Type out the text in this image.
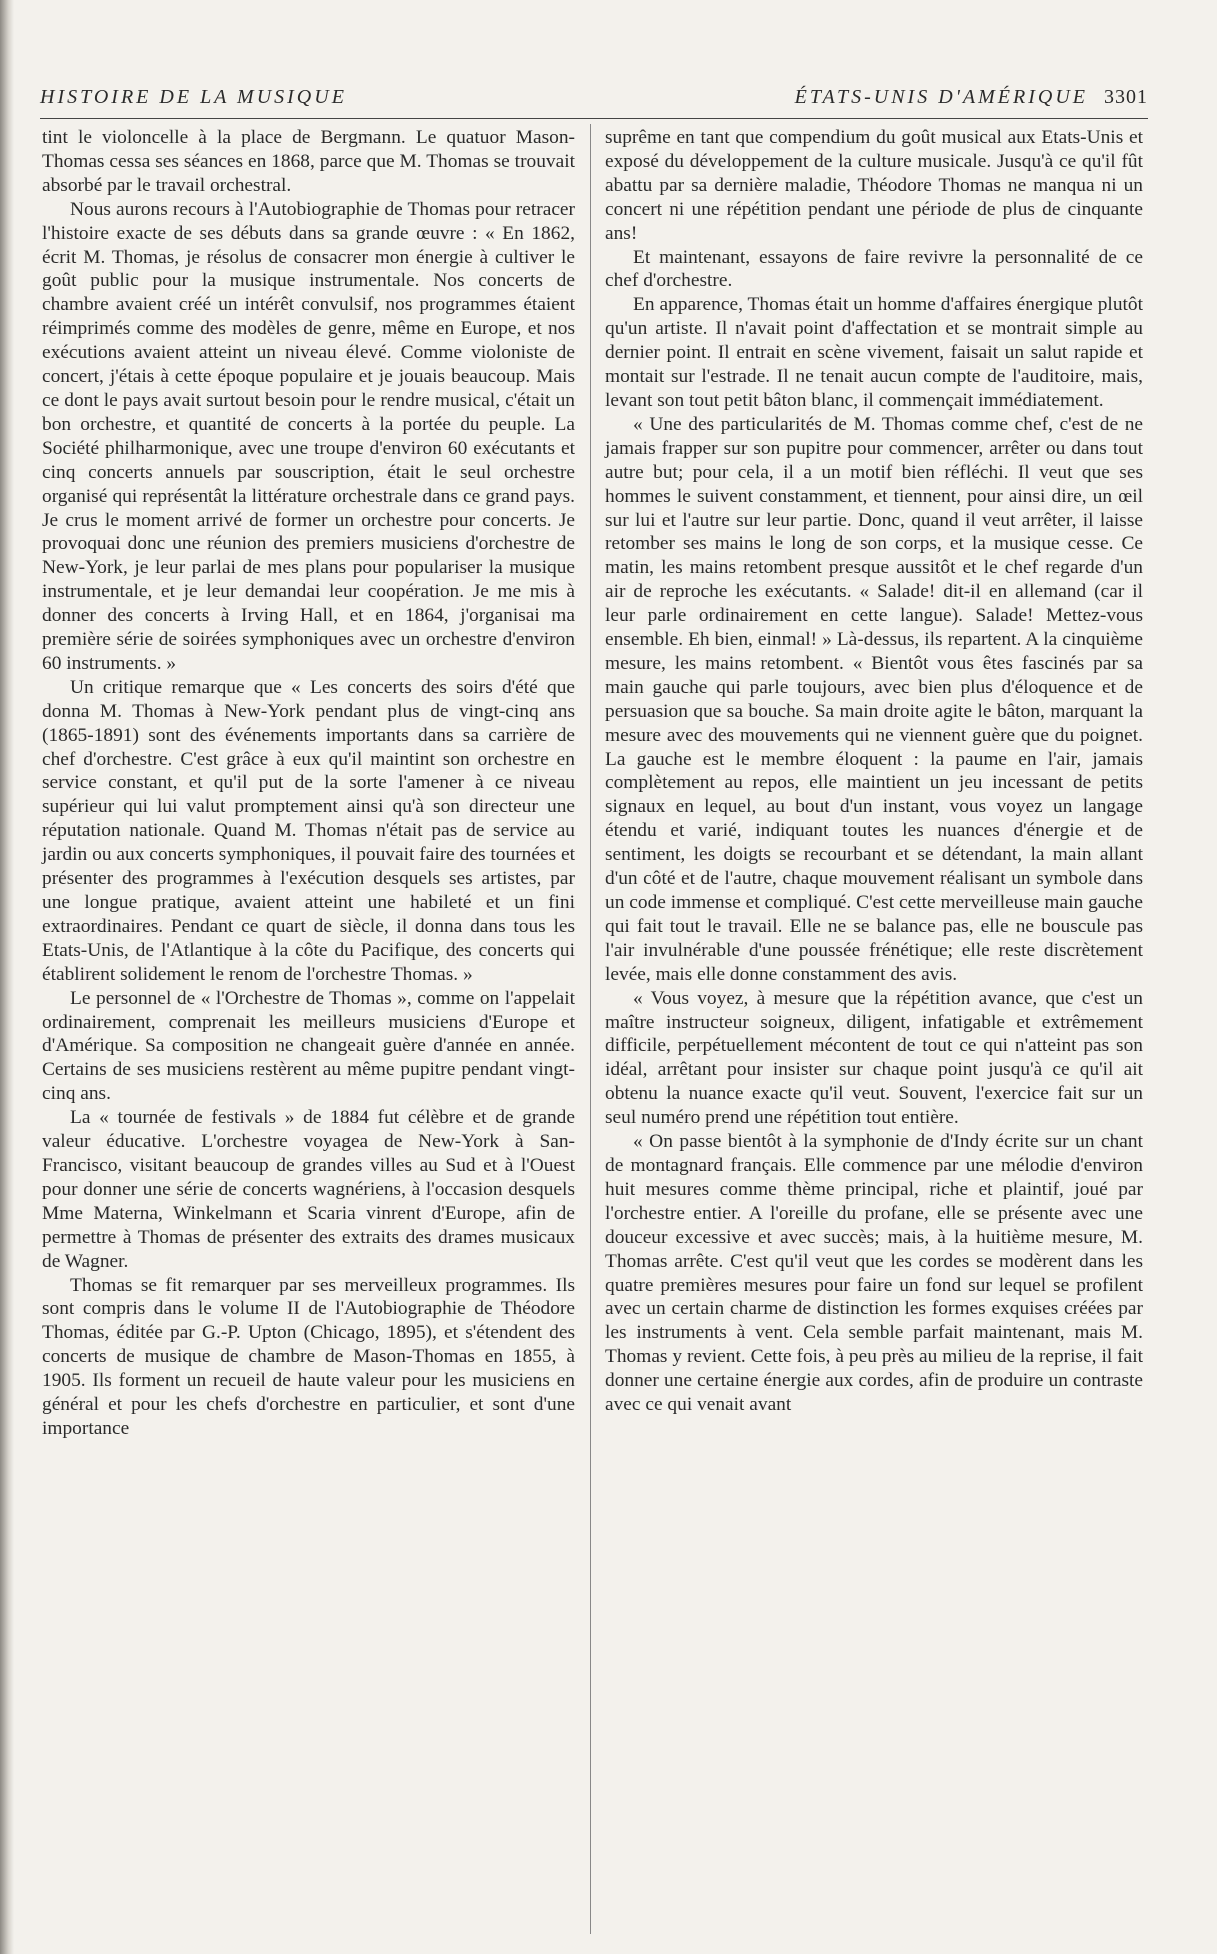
HISTOIRE DE LA MUSIQUE	ÉTATS-UNIS D'AMÉRIQUE 3301

tint le violoncelle à la place de Bergmann. Le quatuor Mason-Thomas cessa ses séances en 1868, parce que M. Thomas se trouvait absorbé par le travail orchestral.

Nous aurons recours à l'Autobiographie de Thomas pour retracer l'histoire exacte de ses débuts dans sa grande œuvre : « En 1862, écrit M. Thomas, je résolus de consacrer mon énergie à cultiver le goût public pour la musique instrumentale. Nos concerts de chambre avaient créé un intérêt convulsif, nos programmes étaient réimprimés comme des modèles de genre, même en Europe, et nos exécutions avaient atteint un niveau élevé. Comme violoniste de concert, j'étais à cette époque populaire et je jouais beaucoup. Mais ce dont le pays avait surtout besoin pour le rendre musical, c'était un bon orchestre, et quantité de concerts à la portée du peuple. La Société philharmonique, avec une troupe d'environ 60 exécutants et cinq concerts annuels par souscription, était le seul orchestre organisé qui représentât la littérature orchestrale dans ce grand pays. Je crus le moment arrivé de former un orchestre pour concerts. Je provoquai donc une réunion des premiers musiciens d'orchestre de New-York, je leur parlai de mes plans pour populariser la musique instrumentale, et je leur demandai leur coopération. Je me mis à donner des concerts à Irving Hall, et en 1864, j'organisai ma première série de soirées symphoniques avec un orchestre d'environ 60 instruments. »

Un critique remarque que « Les concerts des soirs d'été que donna M. Thomas à New-York pendant plus de vingt-cinq ans (1865-1891) sont des événements importants dans sa carrière de chef d'orchestre. C'est grâce à eux qu'il maintint son orchestre en service constant, et qu'il put de la sorte l'amener à ce niveau supérieur qui lui valut promptement ainsi qu'à son directeur une réputation nationale. Quand M. Thomas n'était pas de service au jardin ou aux concerts symphoniques, il pouvait faire des tournées et présenter des programmes à l'exécution desquels ses artistes, par une longue pratique, avaient atteint une habileté et un fini extraordinaires. Pendant ce quart de siècle, il donna dans tous les Etats-Unis, de l'Atlantique à la côte du Pacifique, des concerts qui établirent solidement le renom de l'orchestre Thomas. »

Le personnel de « l'Orchestre de Thomas », comme on l'appelait ordinairement, comprenait les meilleurs musiciens d'Europe et d'Amérique. Sa composition ne changeait guère d'année en année. Certains de ses musiciens restèrent au même pupitre pendant vingt-cinq ans.

La « tournée de festivals » de 1884 fut célèbre et de grande valeur éducative. L'orchestre voyagea de New-York à San-Francisco, visitant beaucoup de grandes villes au Sud et à l'Ouest pour donner une série de concerts wagnériens, à l'occasion desquels Mme Materna, Winkelmann et Scaria vinrent d'Europe, afin de permettre à Thomas de présenter des extraits des drames musicaux de Wagner.

Thomas se fit remarquer par ses merveilleux programmes. Ils sont compris dans le volume II de l'Autobiographie de Théodore Thomas, éditée par G.-P. Upton (Chicago, 1895), et s'étendent des concerts de musique de chambre de Mason-Thomas en 1855, à 1905. Ils forment un recueil de haute valeur pour les musiciens en général et pour les chefs d'orchestre en particulier, et sont d'une importance

suprême en tant que compendium du goût musical aux Etats-Unis et exposé du développement de la culture musicale. Jusqu'à ce qu'il fût abattu par sa dernière maladie, Théodore Thomas ne manqua ni un concert ni une répétition pendant une période de plus de cinquante ans!

Et maintenant, essayons de faire revivre la personnalité de ce chef d'orchestre.

En apparence, Thomas était un homme d'affaires énergique plutôt qu'un artiste. Il n'avait point d'affectation et se montrait simple au dernier point. Il entrait en scène vivement, faisait un salut rapide et montait sur l'estrade. Il ne tenait aucun compte de l'auditoire, mais, levant son tout petit bâton blanc, il commençait immédiatement.

« Une des particularités de M. Thomas comme chef, c'est de ne jamais frapper sur son pupitre pour commencer, arrêter ou dans tout autre but; pour cela, il a un motif bien réfléchi. Il veut que ses hommes le suivent constamment, et tiennent, pour ainsi dire, un œil sur lui et l'autre sur leur partie. Donc, quand il veut arrêter, il laisse retomber ses mains le long de son corps, et la musique cesse. Ce matin, les mains retombent presque aussitôt et le chef regarde d'un air de reproche les exécutants. « Salade! dit-il en allemand (car il leur parle ordinairement en cette langue). Salade! Mettez-vous ensemble. Eh bien, einmal! » Là-dessus, ils repartent. A la cinquième mesure, les mains retombent. « Bientôt vous êtes fascinés par sa main gauche qui parle toujours, avec bien plus d'éloquence et de persuasion que sa bouche. Sa main droite agite le bâton, marquant la mesure avec des mouvements qui ne viennent guère que du poignet. La gauche est le membre éloquent : la paume en l'air, jamais complètement au repos, elle maintient un jeu incessant de petits signaux en lequel, au bout d'un instant, vous voyez un langage étendu et varié, indiquant toutes les nuances d'énergie et de sentiment, les doigts se recourbant et se détendant, la main allant d'un côté et de l'autre, chaque mouvement réalisant un symbole dans un code immense et compliqué. C'est cette merveilleuse main gauche qui fait tout le travail. Elle ne se balance pas, elle ne bouscule pas l'air invulnérable d'une poussée frénétique; elle reste discrètement levée, mais elle donne constamment des avis.

« Vous voyez, à mesure que la répétition avance, que c'est un maître instructeur soigneux, diligent, infatigable et extrêmement difficile, perpétuellement mécontent de tout ce qui n'atteint pas son idéal, arrêtant pour insister sur chaque point jusqu'à ce qu'il ait obtenu la nuance exacte qu'il veut. Souvent, l'exercice fait sur un seul numéro prend une répétition tout entière.

« On passe bientôt à la symphonie de d'Indy écrite sur un chant de montagnard français. Elle commence par une mélodie d'environ huit mesures comme thème principal, riche et plaintif, joué par l'orchestre entier. A l'oreille du profane, elle se présente avec une douceur excessive et avec succès; mais, à la huitième mesure, M. Thomas arrête. C'est qu'il veut que les cordes se modèrent dans les quatre premières mesures pour faire un fond sur lequel se profilent avec un certain charme de distinction les formes exquises créées par les instruments à vent. Cela semble parfait maintenant, mais M. Thomas y revient. Cette fois, à peu près au milieu de la reprise, il fait donner une certaine énergie aux cordes, afin de produire un contraste avec ce qui venait avant
